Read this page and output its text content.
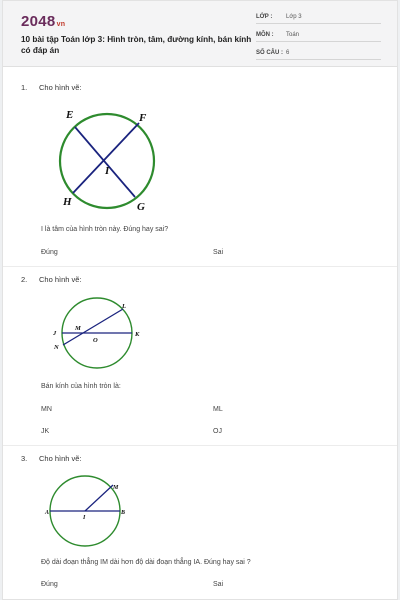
2048vn
10 bài tập Toán lớp 3: Hình tròn, tâm, đường kính, bán kính có đáp án
LỚP : Lớp 3
MÔN : Toán
SỐ CÂU : 6
1. Cho hình vẽ:
E	F
I
H	G
I là tâm của hình tròn này. Đúng hay sai?
Đúng	Sai
2. Cho hình vẽ:
L
M
J
O
K
N
Bán kính của hình tròn là:
MN	ML
JK	OJ
3. Cho hình vẽ:
M
A
I
B
Độ dài đoạn thẳng IM dài hơn độ dài đoạn thẳng IA. Đúng hay sai ?
Đúng	Sai
